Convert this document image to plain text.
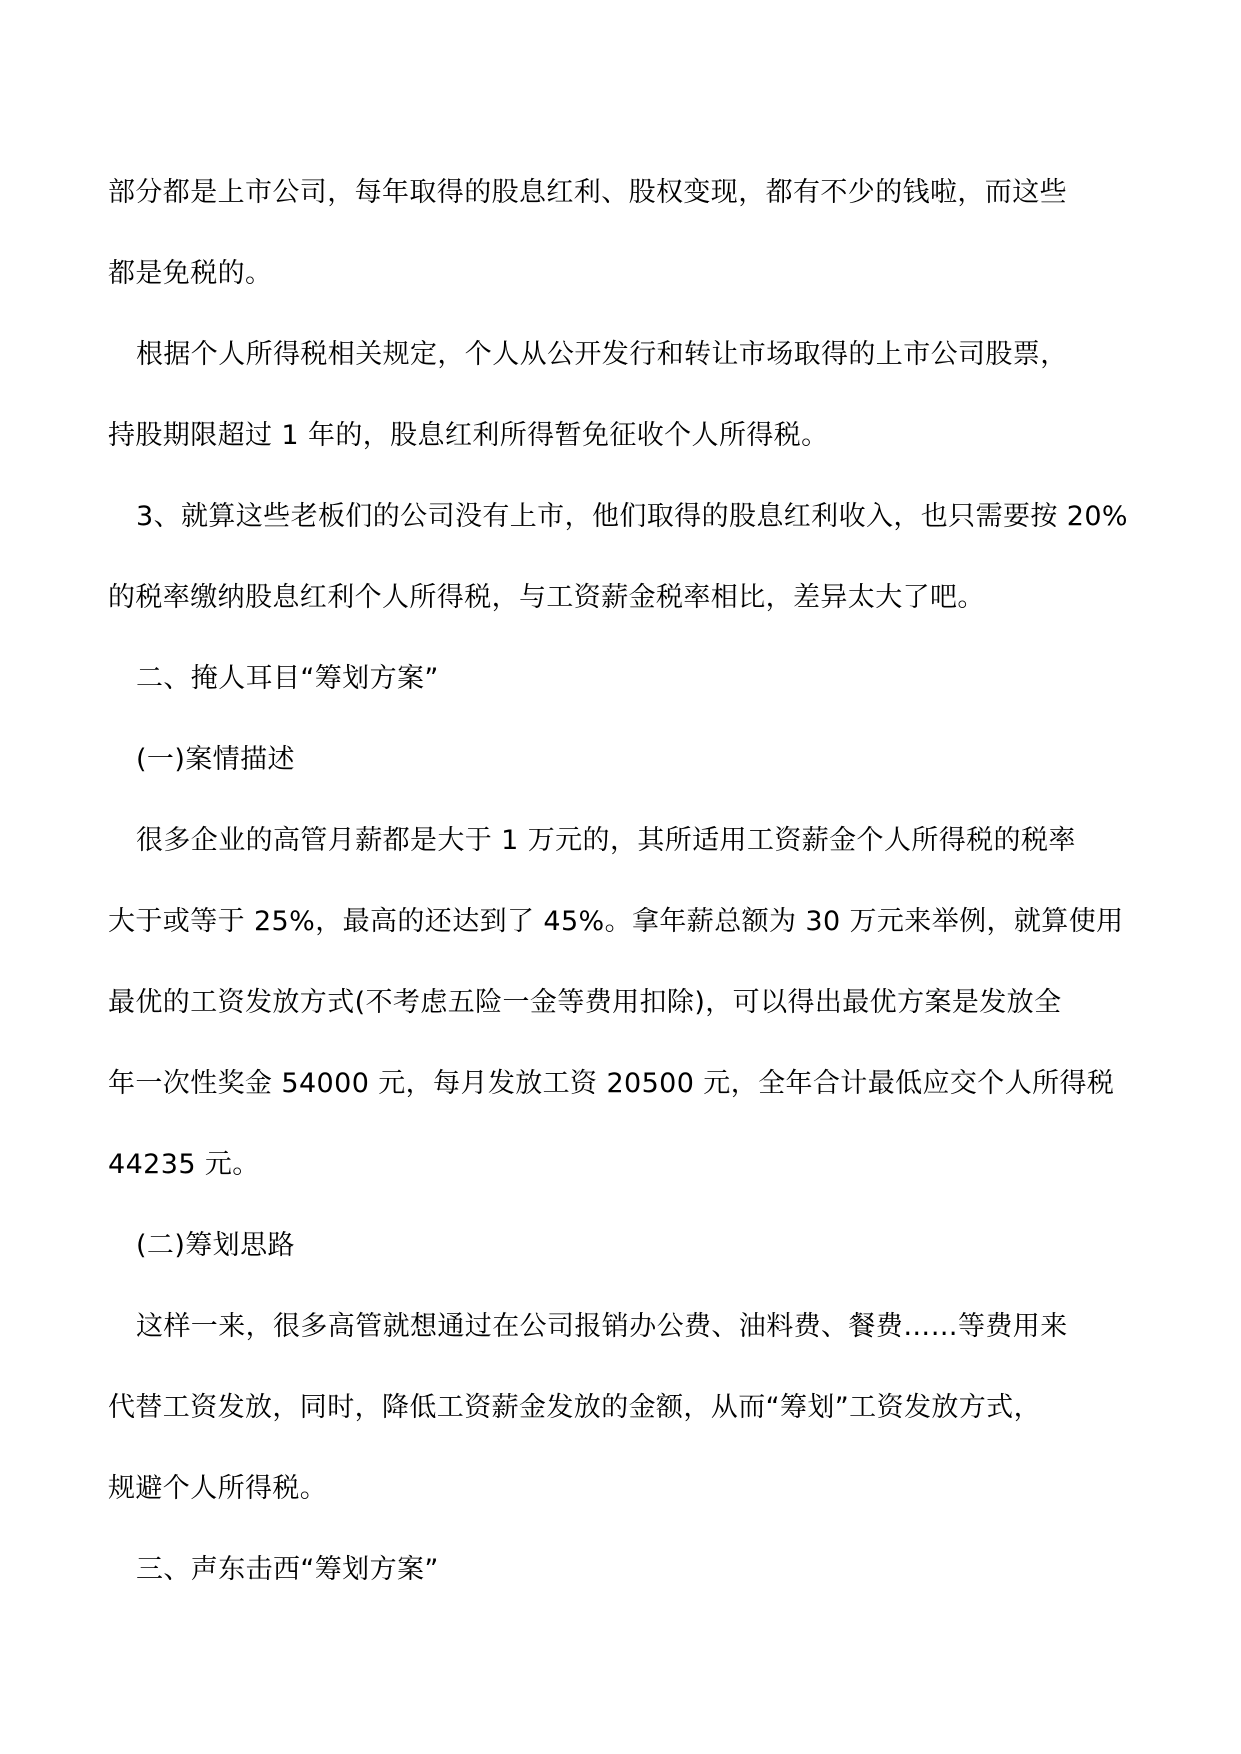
部分都是上市公司，每年取得的股息红利、股权变现，都有不少的钱啦，而这些
都是免税的。
根据个人所得税相关规定，个人从公开发行和转让市场取得的上市公司股票，
持股期限超过 1 年的，股息红利所得暂免征收个人所得税。
3、就算这些老板们的公司没有上市，他们取得的股息红利收入，也只需要按 20%
的税率缴纳股息红利个人所得税，与工资薪金税率相比，差异太大了吧。
二、掩人耳目“筹划方案”
(一)案情描述
很多企业的高管月薪都是大于 1 万元的，其所适用工资薪金个人所得税的税率
大于或等于 25%，最高的还达到了 45%。拿年薪总额为 30 万元来举例，就算使用
最优的工资发放方式(不考虑五险一金等费用扣除)，可以得出最优方案是发放全
年一次性奖金 54000 元，每月发放工资 20500 元，全年合计最低应交个人所得税
44235 元。
(二)筹划思路
这样一来，很多高管就想通过在公司报销办公费、油料费、餐费……等费用来
代替工资发放，同时，降低工资薪金发放的金额，从而“筹划”工资发放方式，
规避个人所得税。
三、声东击西“筹划方案”
